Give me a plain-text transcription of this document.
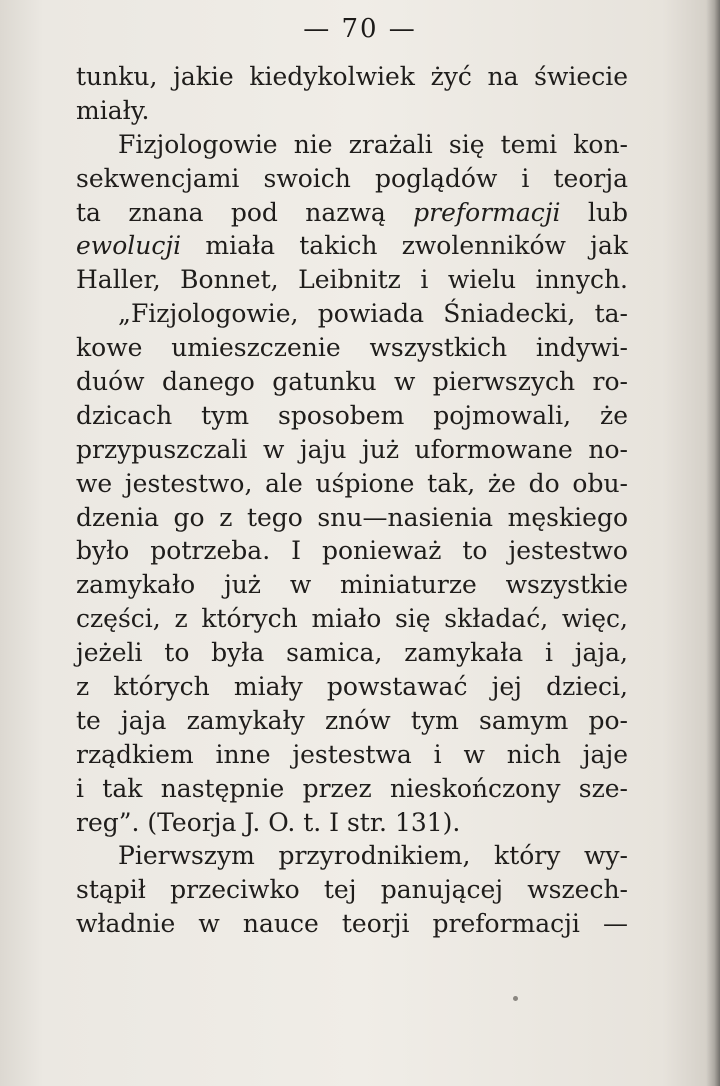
— 70 —
tunku, jakie kiedykolwiek żyć na świecie
miały.
Fizjologowie nie zrażali się temi kon-
sekwencjami swoich poglądów i teorja
ta znana pod nazwą preformacji lub
ewolucji miała takich zwolenników jak
Haller, Bonnet, Leibnitz i wielu innych.
„Fizjologowie, powiada Śniadecki, ta-
kowe umieszczenie wszystkich indywi-
duów danego gatunku w pierwszych ro-
dzicach tym sposobem pojmowali, że
przypuszczali w jaju już uformowane no-
we jestestwo, ale uśpione tak, że do obu-
dzenia go z tego snu—nasienia męskiego
było potrzeba. I ponieważ to jestestwo
zamykało już w miniaturze wszystkie
części, z których miało się składać, więc,
jeżeli to była samica, zamykała i jaja,
z których miały powstawać jej dzieci,
te jaja zamykały znów tym samym po-
rządkiem inne jestestwa i w nich jaje
i tak następnie przez nieskończony sze-
reg”. (Teorja J. O. t. I str. 131).
Pierwszym przyrodnikiem, który wy-
stąpił przeciwko tej panującej wszech-
władnie w nauce teorji preformacji —
